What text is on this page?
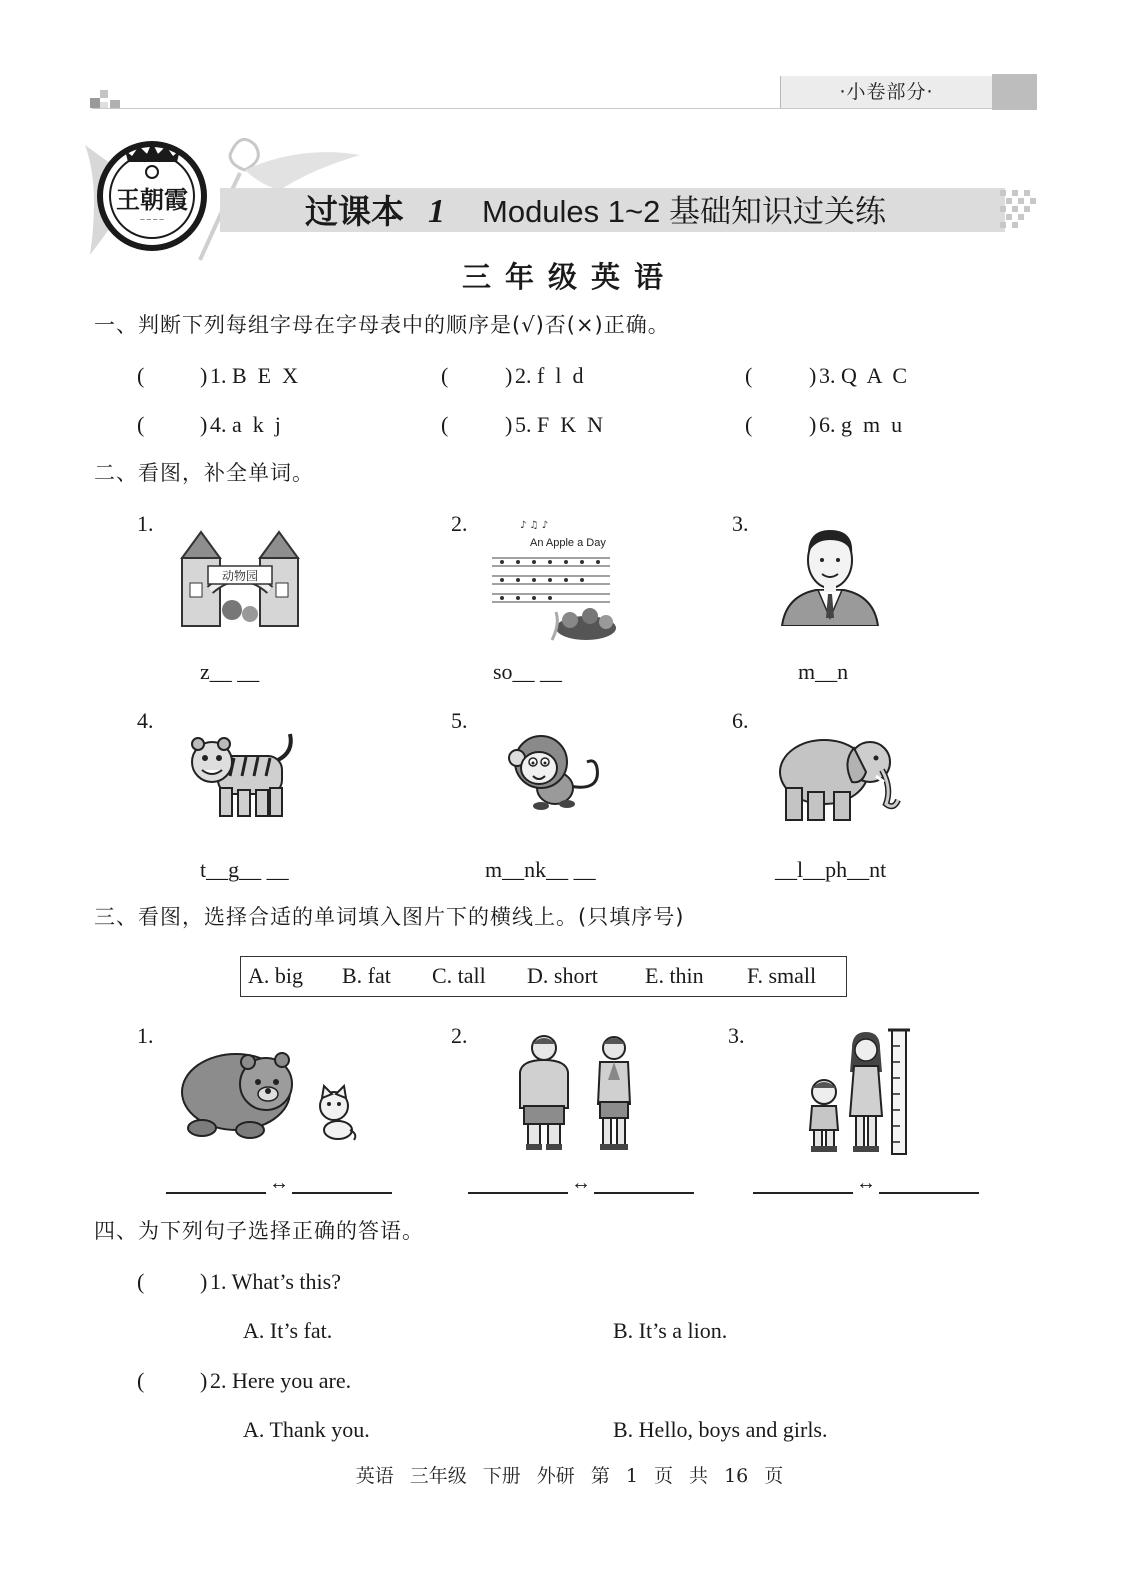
·小卷部分·
王朝霞
─ ─ ─ ─	过课本 1 Modules 1~2 基础知识过关练
三年级英语
一、判断下列每组字母在字母表中的顺序是(√)否(×)正确。
(	) 1. B  E  X	(	) 2. f  l  d	(	) 3. Q  A  C
(	) 4. a  k  j	(	) 5. F  K  N	(	) 6. g  m  u
二、看图，补全单词。
1.
动物园
z__ __
2.	♪ ♫ ♪
An Apple a Day
so__ __
3.
m__n
4.
t__g__ __
5.
m__nk__ __
6.
__l__ph__nt
三、看图，选择合适的单词填入图片下的横线上。(只填序号)
A. big B. fat C. tall D. short E. thin F. small
1.
↔
2.
↔
3.
↔
四、为下列句子选择正确的答语。
(	) 1. What’s this?
A. It’s fat.	B. It’s a lion.
(	) 2. Here you are.
A. Thank you.	B. Hello, boys and girls.
英语 三年级 下册 外研 第 1 页 共 16 页
